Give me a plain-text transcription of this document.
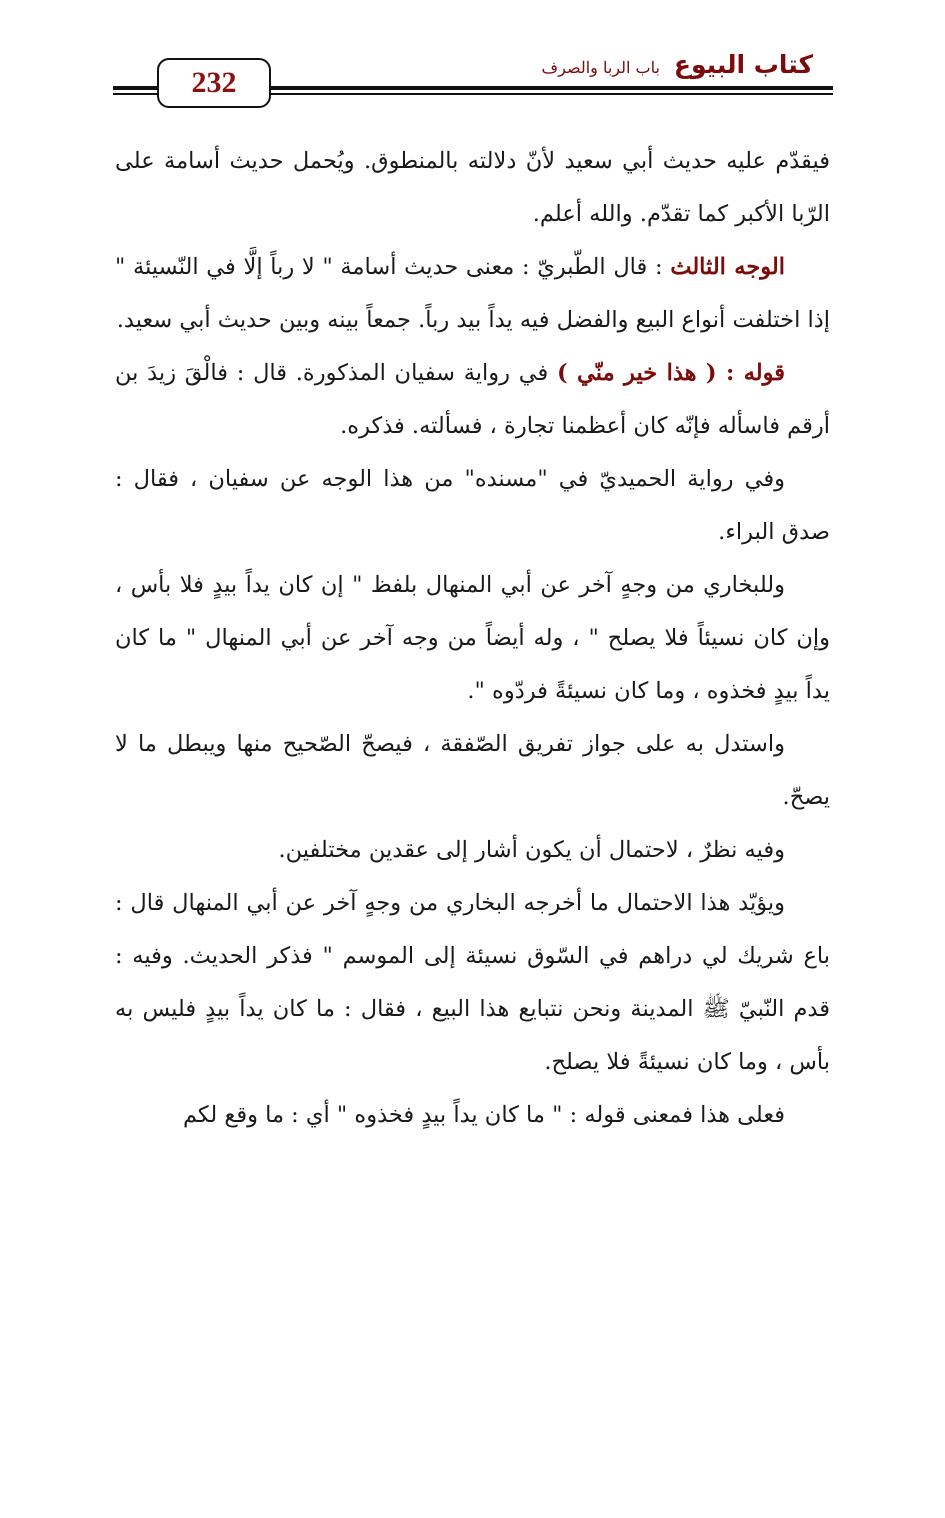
232
كتاب البيوع
باب الربا والصرف

فيقدّم عليه حديث أبي سعيد لأنّ دلالته بالمنطوق. ويُحمل حديث أسامة على الرّبا الأكبر كما تقدّم. والله أعلم.

الوجه الثالث : قال الطّبريّ : معنى حديث أسامة " لا رباً إلَّا في النّسيئة " إذا اختلفت أنواع البيع والفضل فيه يداً بيد رباً. جمعاً بينه وبين حديث أبي سعيد.

قوله : ( هذا خير منّي ) في رواية سفيان المذكورة. قال : فالْقَ زيدَ بن أرقم فاسأله فإنّه كان أعظمنا تجارة ، فسألته. فذكره.

وفي رواية الحميديّ في "مسنده" من هذا الوجه عن سفيان ، فقال : صدق البراء.

وللبخاري من وجهٍ آخر عن أبي المنهال بلفظ " إن كان يداً بيدٍ فلا بأس ، وإن كان نسيئاً فلا يصلح " ، وله أيضاً من وجه آخر عن أبي المنهال " ما كان يداً بيدٍ فخذوه ، وما كان نسيئةً فردّوه ".

واستدل به على جواز تفريق الصّفقة ، فيصحّ الصّحيح منها ويبطل ما لا يصحّ.

وفيه نظرٌ ، لاحتمال أن يكون أشار إلى عقدين مختلفين.

ويؤيّد هذا الاحتمال ما أخرجه البخاري من وجهٍ آخر عن أبي المنهال قال : باع شريك لي دراهم في السّوق نسيئة إلى الموسم " فذكر الحديث. وفيه : قدم النّبيّ ﷺ المدينة ونحن نتبايع هذا البيع ، فقال : ما كان يداً بيدٍ فليس به بأس ، وما كان نسيئةً فلا يصلح.

فعلى هذا فمعنى قوله : " ما كان يداً بيدٍ فخذوه " أي : ما وقع لكم
